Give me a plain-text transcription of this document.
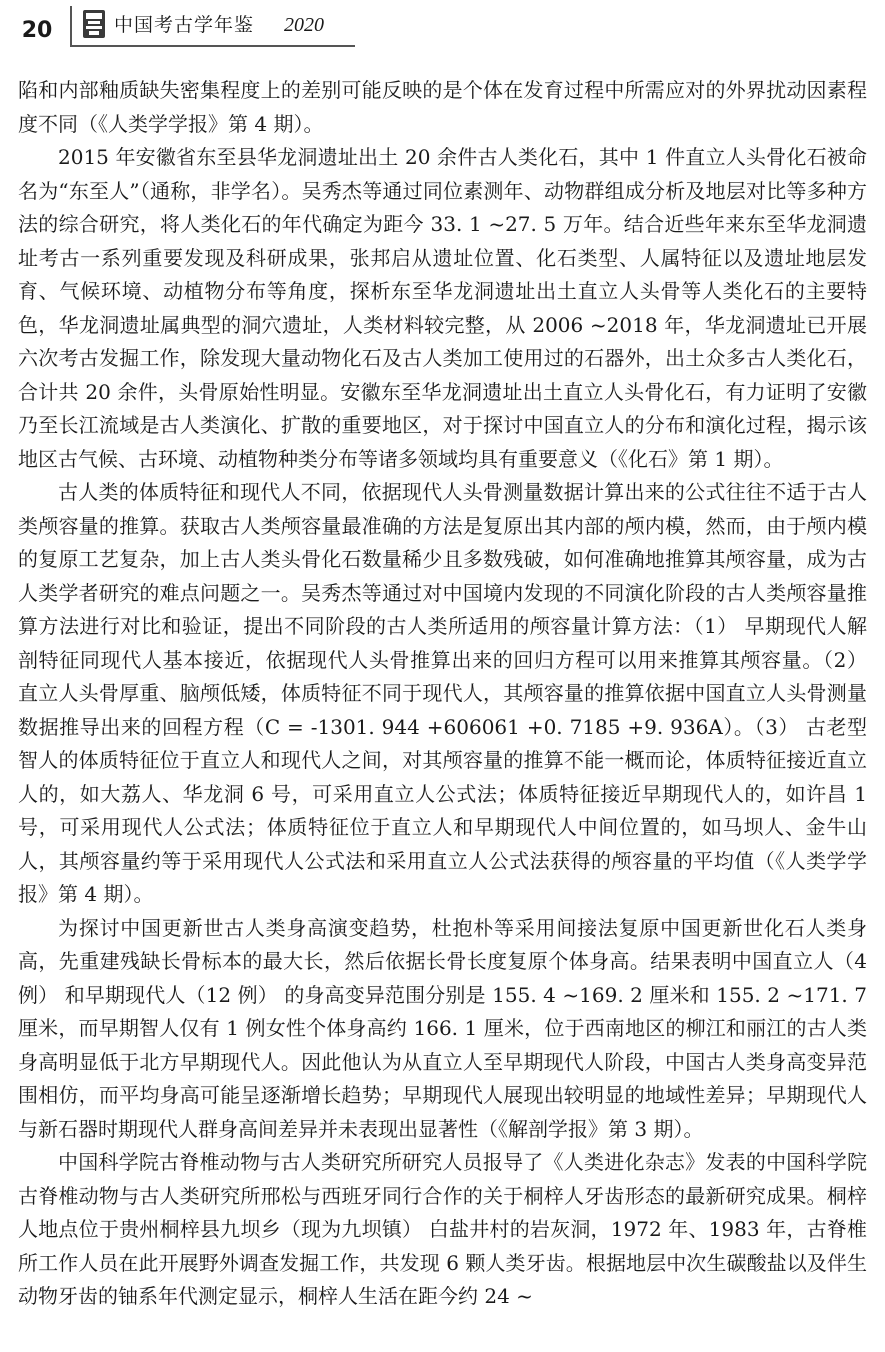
20	中国考古学年鉴 2020

陷和内部釉质缺失密集程度上的差别可能反映的是个体在发育过程中所需应对的外界扰动因素程度不同（《人类学学报》第 4 期）。

2015 年安徽省东至县华龙洞遗址出土 20 余件古人类化石，其中 1 件直立人头骨化石被命名为“东至人”（通称，非学名）。吴秀杰等通过同位素测年、动物群组成分析及地层对比等多种方法的综合研究，将人类化石的年代确定为距今 33. 1 ~27. 5 万年。结合近些年来东至华龙洞遗址考古一系列重要发现及科研成果，张邦启从遗址位置、化石类型、人属特征以及遗址地层发育、气候环境、动植物分布等角度，探析东至华龙洞遗址出土直立人头骨等人类化石的主要特色，华龙洞遗址属典型的洞穴遗址，人类材料较完整，从 2006 ~2018 年，华龙洞遗址已开展六次考古发掘工作，除发现大量动物化石及古人类加工使用过的石器外，出土众多古人类化石，合计共 20 余件，头骨原始性明显。安徽东至华龙洞遗址出土直立人头骨化石，有力证明了安徽乃至长江流域是古人类演化、扩散的重要地区，对于探讨中国直立人的分布和演化过程，揭示该地区古气候、古环境、动植物种类分布等诸多领域均具有重要意义（《化石》第 1 期）。

古人类的体质特征和现代人不同，依据现代人头骨测量数据计算出来的公式往往不适于古人类颅容量的推算。获取古人类颅容量最准确的方法是复原出其内部的颅内模，然而，由于颅内模的复原工艺复杂，加上古人类头骨化石数量稀少且多数残破，如何准确地推算其颅容量，成为古人类学者研究的难点问题之一。吴秀杰等通过对中国境内发现的不同演化阶段的古人类颅容量推算方法进行对比和验证，提出不同阶段的古人类所适用的颅容量计算方法：（1） 早期现代人解剖特征同现代人基本接近，依据现代人头骨推算出来的回归方程可以用来推算其颅容量。（2） 直立人头骨厚重、脑颅低矮，体质特征不同于现代人，其颅容量的推算依据中国直立人头骨测量数据推导出来的回程方程（C = -1301. 944 +606061 +0. 7185 +9. 936A）。（3） 古老型智人的体质特征位于直立人和现代人之间，对其颅容量的推算不能一概而论，体质特征接近直立人的，如大荔人、华龙洞 6 号，可采用直立人公式法；体质特征接近早期现代人的，如许昌 1 号，可采用现代人公式法；体质特征位于直立人和早期现代人中间位置的，如马坝人、金牛山人，其颅容量约等于采用现代人公式法和采用直立人公式法获得的颅容量的平均值（《人类学学报》第 4 期）。

为探讨中国更新世古人类身高演变趋势，杜抱朴等采用间接法复原中国更新世化石人类身高，先重建残缺长骨标本的最大长，然后依据长骨长度复原个体身高。结果表明中国直立人（4 例） 和早期现代人（12 例） 的身高变异范围分别是 155. 4 ~169. 2 厘米和 155. 2 ~171. 7 厘米，而早期智人仅有 1 例女性个体身高约 166. 1 厘米，位于西南地区的柳江和丽江的古人类身高明显低于北方早期现代人。因此他认为从直立人至早期现代人阶段，中国古人类身高变异范围相仿，而平均身高可能呈逐渐增长趋势；早期现代人展现出较明显的地域性差异；早期现代人与新石器时期现代人群身高间差异并未表现出显著性（《解剖学报》第 3 期）。

中国科学院古脊椎动物与古人类研究所研究人员报导了《人类进化杂志》发表的中国科学院古脊椎动物与古人类研究所邢松与西班牙同行合作的关于桐梓人牙齿形态的最新研究成果。桐梓人地点位于贵州桐梓县九坝乡（现为九坝镇） 白盐井村的岩灰洞，1972 年、1983 年，古脊椎所工作人员在此开展野外调查发掘工作，共发现 6 颗人类牙齿。根据地层中次生碳酸盐以及伴生动物牙齿的铀系年代测定显示，桐梓人生活在距今约 24 ~
